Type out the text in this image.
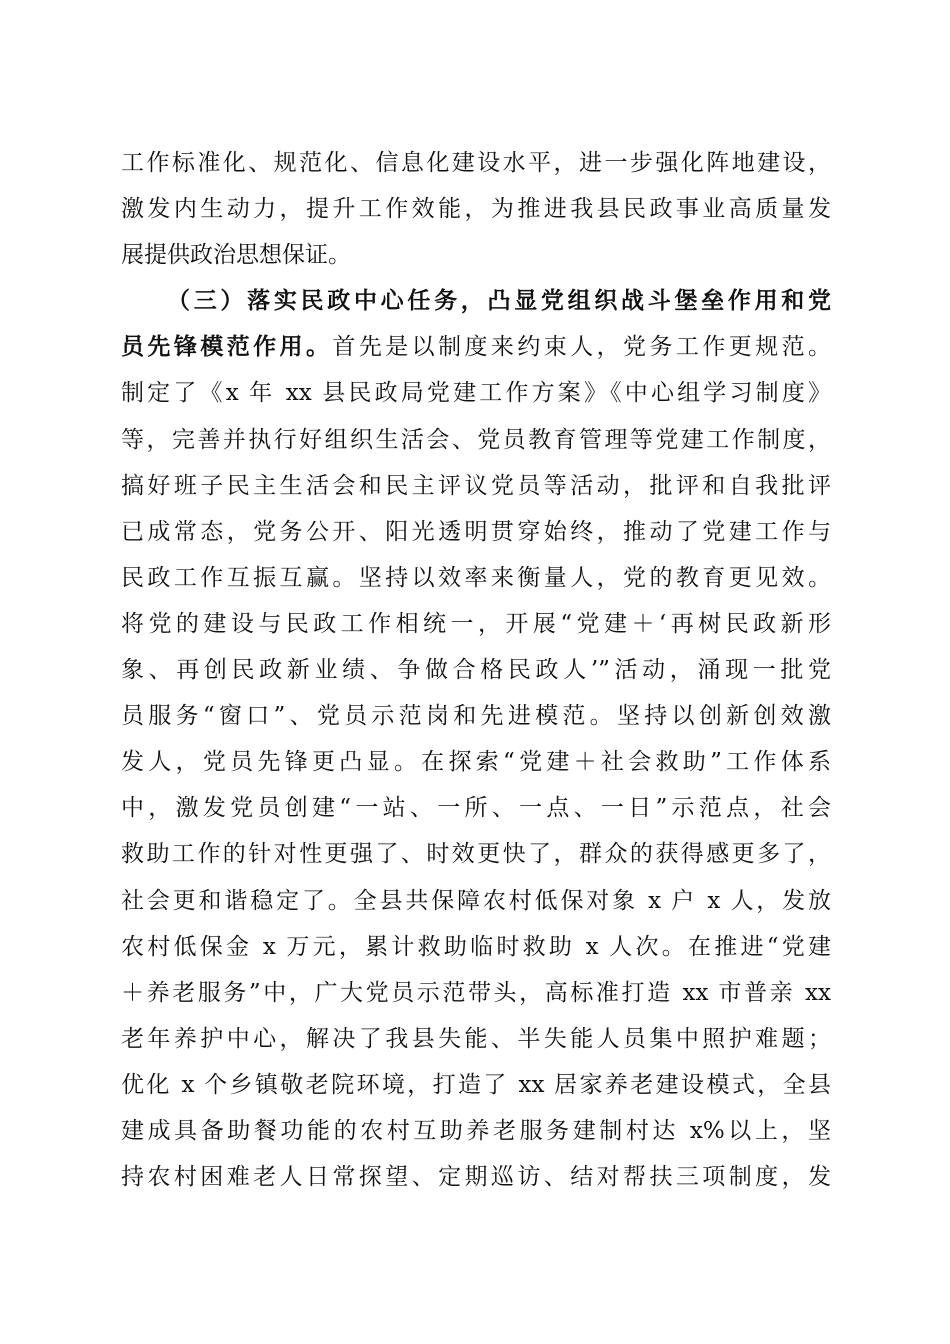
工作标准化、规范化、信息化建设水平，进一步强化阵地建设，
激发内生动力，提升工作效能，为推进我县民政事业高质量发
展提供政治思想保证。
（三）落实民政中心任务，凸显党组织战斗堡垒作用和党
员先锋模范作用。首先是以制度来约束人，党务工作更规范。
制定了《x 年 xx 县民政局党建工作方案》《中心组学习制度》
等，完善并执行好组织生活会、党员教育管理等党建工作制度，
搞好班子民主生活会和民主评议党员等活动，批评和自我批评
已成常态，党务公开、阳光透明贯穿始终，推动了党建工作与
民政工作互振互赢。坚持以效率来衡量人，党的教育更见效。
将党的建设与民政工作相统一，开展“党建＋‘再树民政新形
象、再创民政新业绩、争做合格民政人’”活动，涌现一批党
员服务“窗口”、党员示范岗和先进模范。坚持以创新创效激
发人，党员先锋更凸显。在探索“党建＋社会救助”工作体系
中，激发党员创建“一站、一所、一点、一日”示范点，社会
救助工作的针对性更强了、时效更快了，群众的获得感更多了，
社会更和谐稳定了。全县共保障农村低保对象 x 户 x 人，发放
农村低保金 x 万元，累计救助临时救助 x 人次。在推进“党建
＋养老服务”中，广大党员示范带头，高标准打造 xx 市普亲 xx
老年养护中心，解决了我县失能、半失能人员集中照护难题；
优化 x 个乡镇敬老院环境，打造了 xx 居家养老建设模式，全县
建成具备助餐功能的农村互助养老服务建制村达 x%以上，坚
持农村困难老人日常探望、定期巡访、结对帮扶三项制度，发
